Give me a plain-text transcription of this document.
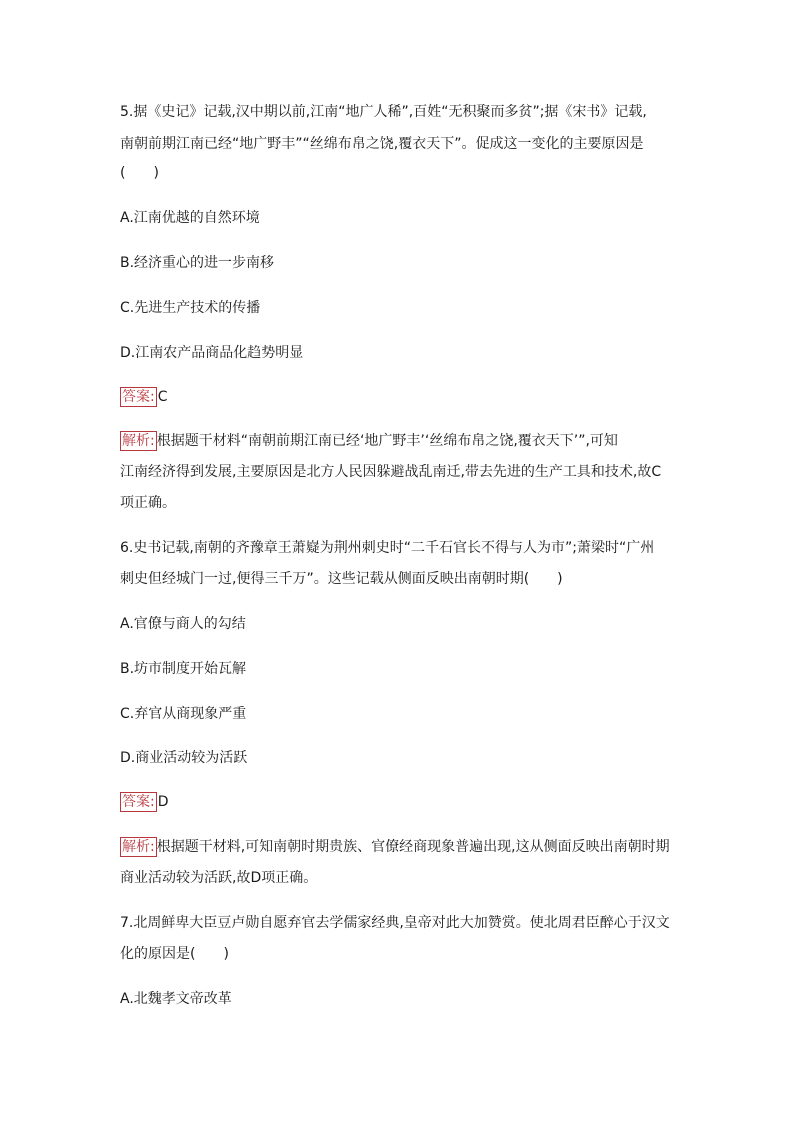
5.据《史记》记载,汉中期以前,江南“地广人稀”,百姓“无积聚而多贫”;据《宋书》记载,
南朝前期江南已经“地广野丰”“丝绵布帛之饶,覆衣天下”。促成这一变化的主要原因是
(　　)
A.江南优越的自然环境
B.经济重心的进一步南移
C.先进生产技术的传播
D.江南农产品商品化趋势明显
答案: C
解析: 根据题干材料“南朝前期江南已经‘地广野丰’‘丝绵布帛之饶,覆衣天下’”,可知
江南经济得到发展,主要原因是北方人民因躲避战乱南迁,带去先进的生产工具和技术,故C
项正确。
6.史书记载,南朝的齐豫章王萧嶷为荆州刺史时“二千石官长不得与人为市”;萧梁时“广州
刺史但经城门一过,便得三千万”。这些记载从侧面反映出南朝时期(　　)
A.官僚与商人的勾结
B.坊市制度开始瓦解
C.弃官从商现象严重
D.商业活动较为活跃
答案: D
解析: 根据题干材料,可知南朝时期贵族、官僚经商现象普遍出现,这从侧面反映出南朝时期
商业活动较为活跃,故D项正确。
7.北周鲜卑大臣豆卢勋自愿弃官去学儒家经典,皇帝对此大加赞赏。使北周君臣醉心于汉文
化的原因是(　　)
A.北魏孝文帝改革
